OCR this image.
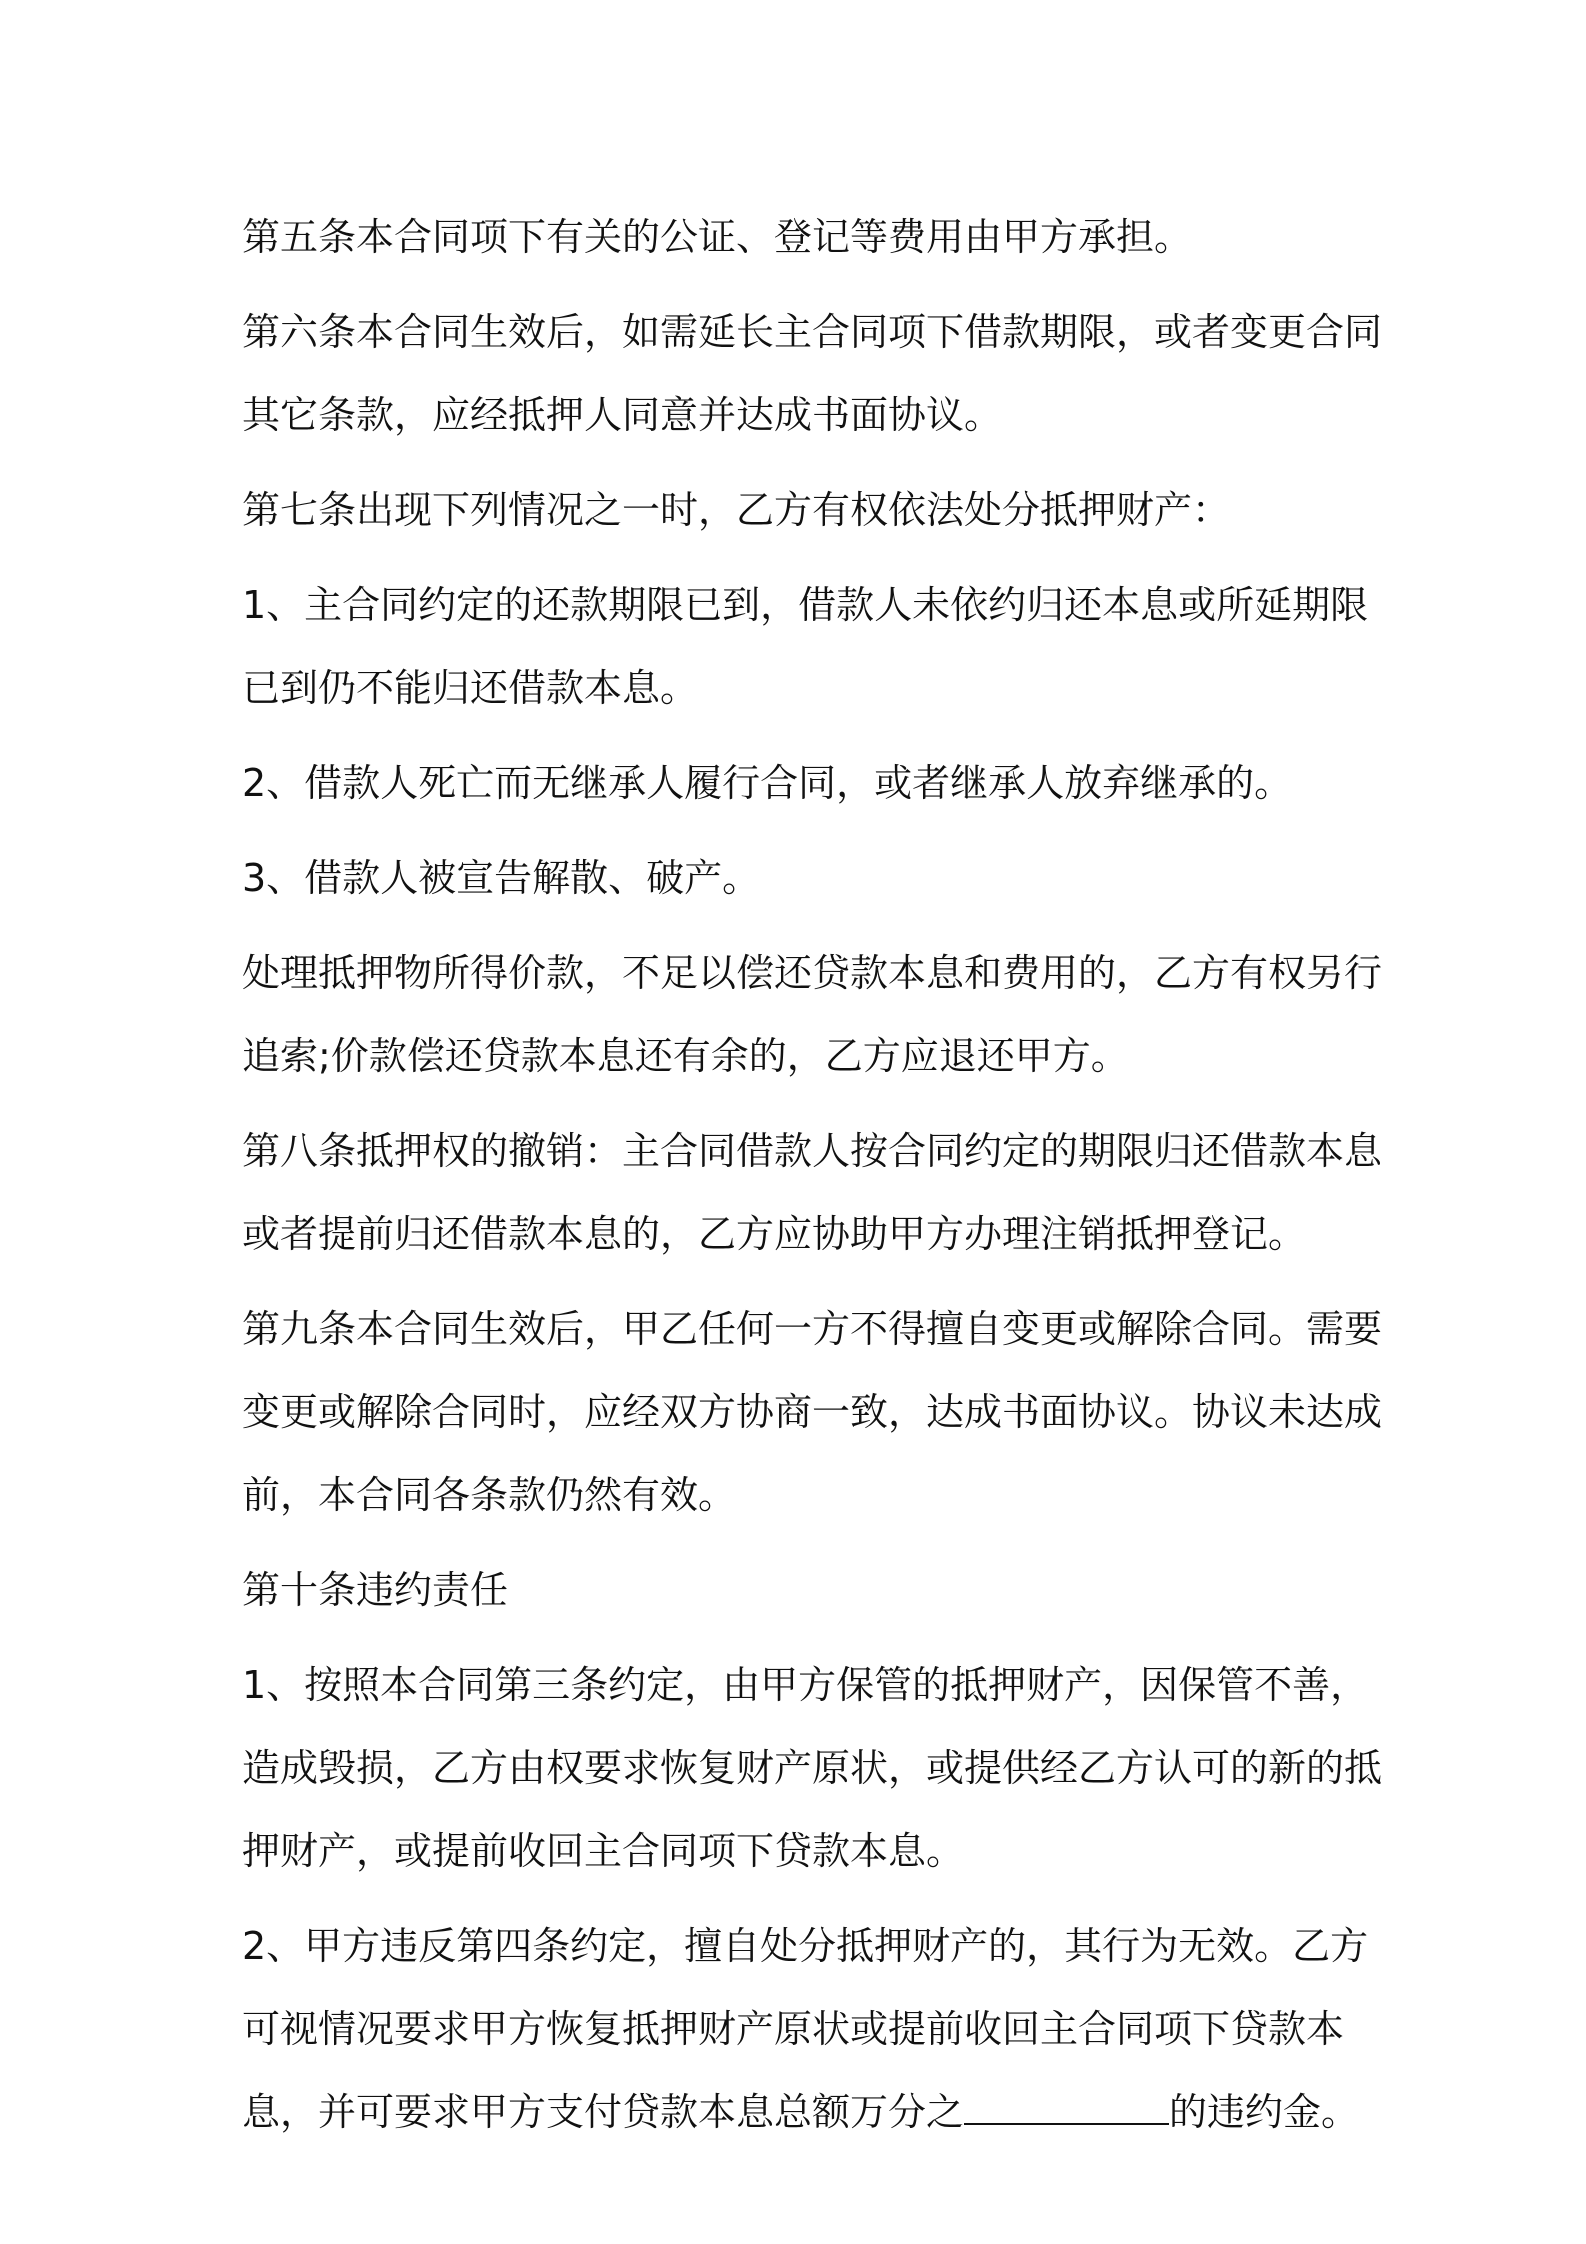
第五条本合同项下有关的公证、登记等费用由甲方承担。

第六条本合同生效后，如需延长主合同项下借款期限，或者变更合同
其它条款，应经抵押人同意并达成书面协议。

第七条出现下列情况之一时，乙方有权依法处分抵押财产：

1、主合同约定的还款期限已到，借款人未依约归还本息或所延期限
已到仍不能归还借款本息。

2、借款人死亡而无继承人履行合同，或者继承人放弃继承的。

3、借款人被宣告解散、破产。

处理抵押物所得价款，不足以偿还贷款本息和费用的，乙方有权另行
追索;价款偿还贷款本息还有余的，乙方应退还甲方。

第八条抵押权的撤销：主合同借款人按合同约定的期限归还借款本息
或者提前归还借款本息的，乙方应协助甲方办理注销抵押登记。

第九条本合同生效后，甲乙任何一方不得擅自变更或解除合同。需要
变更或解除合同时，应经双方协商一致，达成书面协议。协议未达成
前，本合同各条款仍然有效。

第十条违约责任

1、按照本合同第三条约定，由甲方保管的抵押财产，因保管不善，
造成毁损，乙方由权要求恢复财产原状，或提供经乙方认可的新的抵
押财产，或提前收回主合同项下贷款本息。

2、甲方违反第四条约定，擅自处分抵押财产的，其行为无效。乙方
可视情况要求甲方恢复抵押财产原状或提前收回主合同项下贷款本
息，并可要求甲方支付贷款本息总额万分之	的违约金。
